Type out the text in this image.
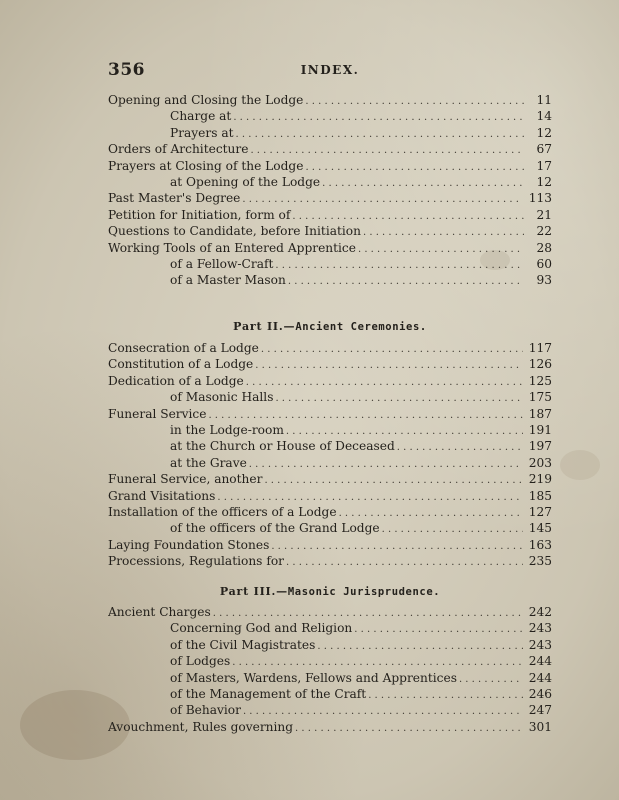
356	INDEX.
Opening and Closing the Lodge . . .	11
Charge at . . .	14
Prayers at . . .	12
Orders of Architecture . . .	67
Prayers at Closing of the Lodge . . .	17
at Opening of the Lodge . . .	12
Past Master's Degree . . .	113
Petition for Initiation, form of . . .	21
Questions to Candidate, before Initiation . . .	22
Working Tools of an Entered Apprentice . . .	28
of a Fellow-Craft . . .	60
of a Master Mason . . .	93
Part II.—Ancient Ceremonies.
Consecration of a Lodge . . .	117
Constitution of a Lodge . . .	126
Dedication of a Lodge . . .	125
of Masonic Halls . . .	175
Funeral Service . . .	187
in the Lodge-room . . .	191
at the Church or House of Deceased . . .	197
at the Grave . . .	203
Funeral Service, another . . .	219
Grand Visitations . . .	185
Installation of the officers of a Lodge . . .	127
of the officers of the Grand Lodge . . .	145
Laying Foundation Stones . . .	163
Processions, Regulations for . . .	235
Part III.—Masonic Jurisprudence.
Ancient Charges . . .	242
Concerning God and Religion . . .	243
of the Civil Magistrates . . .	243
of Lodges . . .	244
of Masters, Wardens, Fellows and Apprentices . . .	244
of the Management of the Craft . . .	246
of Behavior . . .	247
Avouchment, Rules governing . . .	301
